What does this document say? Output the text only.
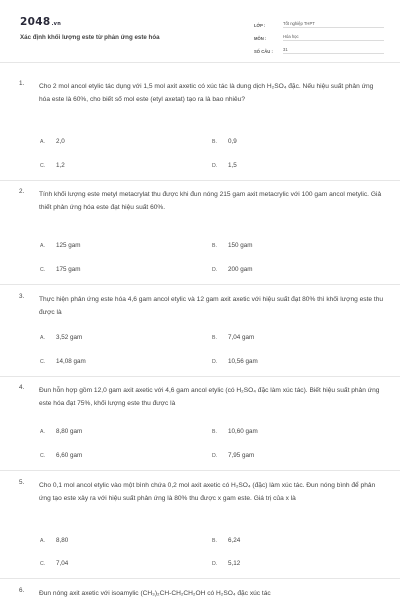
2048.vn
Xác định khối lượng este từ phản ứng este hóa
LỚP :	Tốt nghiệp THPT
MÔN :	Hóa học
SỐ CÂU :	31
1. Cho 2 mol ancol etylic tác dụng với 1,5 mol axit axetic có xúc tác là dung dịch H₂SO₄ đặc. Nếu hiệu suất phản ứng hóa este là 60%, cho biết số mol este (etyl axetat) tạo ra là bao nhiêu?
A. 2,0	B. 0,9
C. 1,2	D. 1,5
2. Tính khối lượng este metyl metacrylat thu được khi đun nóng 215 gam axit metacrylic với 100 gam ancol metylic. Giả thiết phản ứng hóa este đạt hiệu suất 60%.
A. 125 gam	B. 150 gam
C. 175 gam	D. 200 gam
3. Thực hiện phản ứng este hóa 4,6 gam ancol etylic và 12 gam axit axetic với hiệu suất đạt 80% thì khối lượng este thu được là
A. 3,52 gam	B. 7,04 gam
C. 14,08 gam	D. 10,56 gam
4. Đun hỗn hợp gồm 12,0 gam axit axetic với 4,6 gam ancol etylic (có H₂SO₄ đặc làm xúc tác). Biết hiệu suất phản ứng este hóa đạt 75%, khối lượng este thu được là
A. 8,80 gam	B. 10,60 gam
C. 6,60 gam	D. 7,95 gam
5. Cho 0,1 mol ancol etylic vào một bình chứa 0,2 mol axit axetic có H₂SO₄ (đặc) làm xúc tác. Đun nóng bình để phản ứng tạo este xảy ra với hiệu suất phản ứng là 80% thu được x gam este. Giá trị của x là
A. 8,80	B. 6,24
C. 7,04	D. 5,12
6. Đun nóng axit axetic với isoamylic (CH₃)₂CH-CH₂CH₂OH có H₂SO₄ đặc xúc tác
